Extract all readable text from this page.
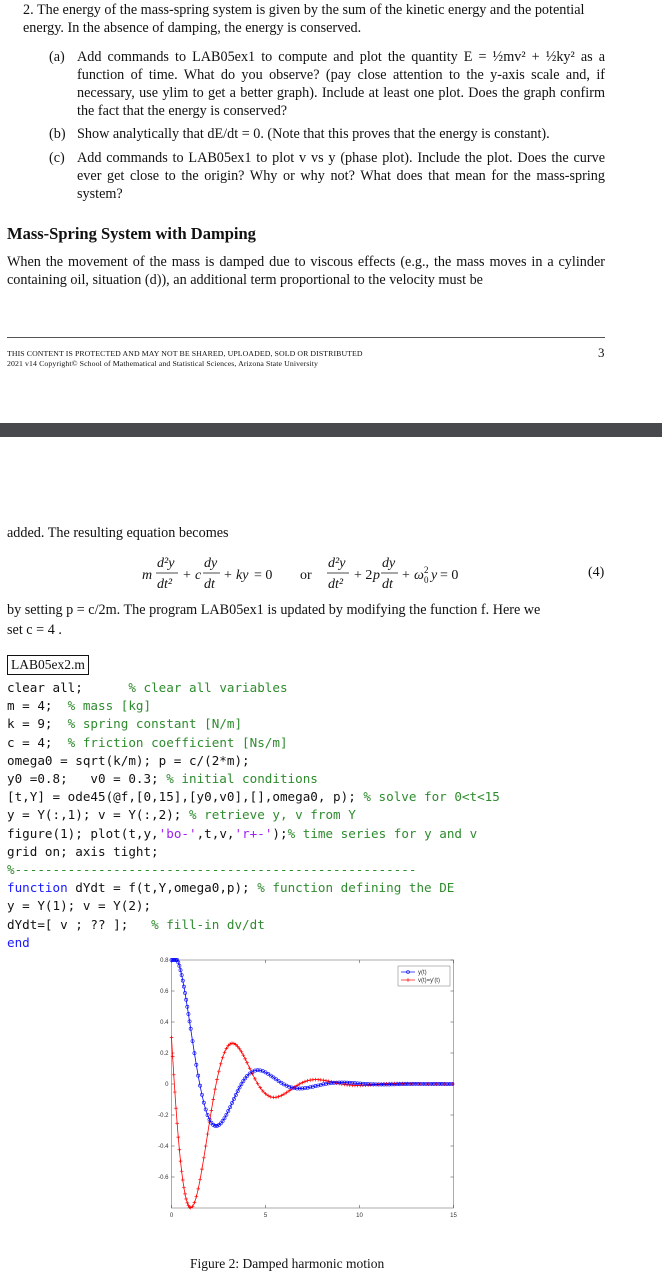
2. The energy of the mass-spring system is given by the sum of the kinetic energy and the potential energy. In the absence of damping, the energy is conserved.
(a) Add commands to LAB05ex1 to compute and plot the quantity E = ½mv² + ½ky² as a function of time. What do you observe? (pay close attention to the y-axis scale and, if necessary, use ylim to get a better graph). Include at least one plot. Does the graph confirm the fact that the energy is conserved?
(b) Show analytically that dE/dt = 0. (Note that this proves that the energy is constant).
(c) Add commands to LAB05ex1 to plot v vs y (phase plot). Include the plot. Does the curve ever get close to the origin? Why or why not? What does that mean for the mass-spring system?
Mass-Spring System with Damping
When the movement of the mass is damped due to viscous effects (e.g., the mass moves in a cylinder containing oil, situation (d)), an additional term proportional to the velocity must be
THIS CONTENT IS PROTECTED AND MAY NOT BE SHARED, UPLOADED, SOLD OR DISTRIBUTED
2021 v14 Copyright© School of Mathematical and Statistical Sciences, Arizona State University
3
added. The resulting equation becomes
m
d²y
dt²
+ c
dy
dt
+ ky = 0 or
d²y
dt²
+ 2 p
dy
dt
+ ω 2
0 y = 0	(4)
by setting p = c/2m. The program LAB05ex1 is updated by modifying the function f. Here we
set c = 4 .
LAB05ex2.m
clear all;      % clear all variables
m = 4;  % mass [kg]
k = 9;  % spring constant [N/m]
c = 4;  % friction coefficient [Ns/m]
omega0 = sqrt(k/m); p = c/(2*m);
y0 =0.8;   v0 = 0.3; % initial conditions
[t,Y] = ode45(@f,[0,15],[y0,v0],[],omega0, p); % solve for 0<t<15
y = Y(:,1); v = Y(:,2); % retrieve y, v from Y
figure(1); plot(t,y,'bo-',t,v,'r+-');% time series for y and v
grid on; axis tight;
%-----------------------------------------------------
function dYdt = f(t,Y,omega0,p); % function defining the DE
y = Y(1); v = Y(2);
dYdt=[ v ; ?? ];   % fill-in dv/dt
end
-0.6
-0.4
-0.2
0
0.2
0.4
0.6
0.8
0	5	10	15
y(t)
v(t)=y'(t)
Figure 2: Damped harmonic motion
